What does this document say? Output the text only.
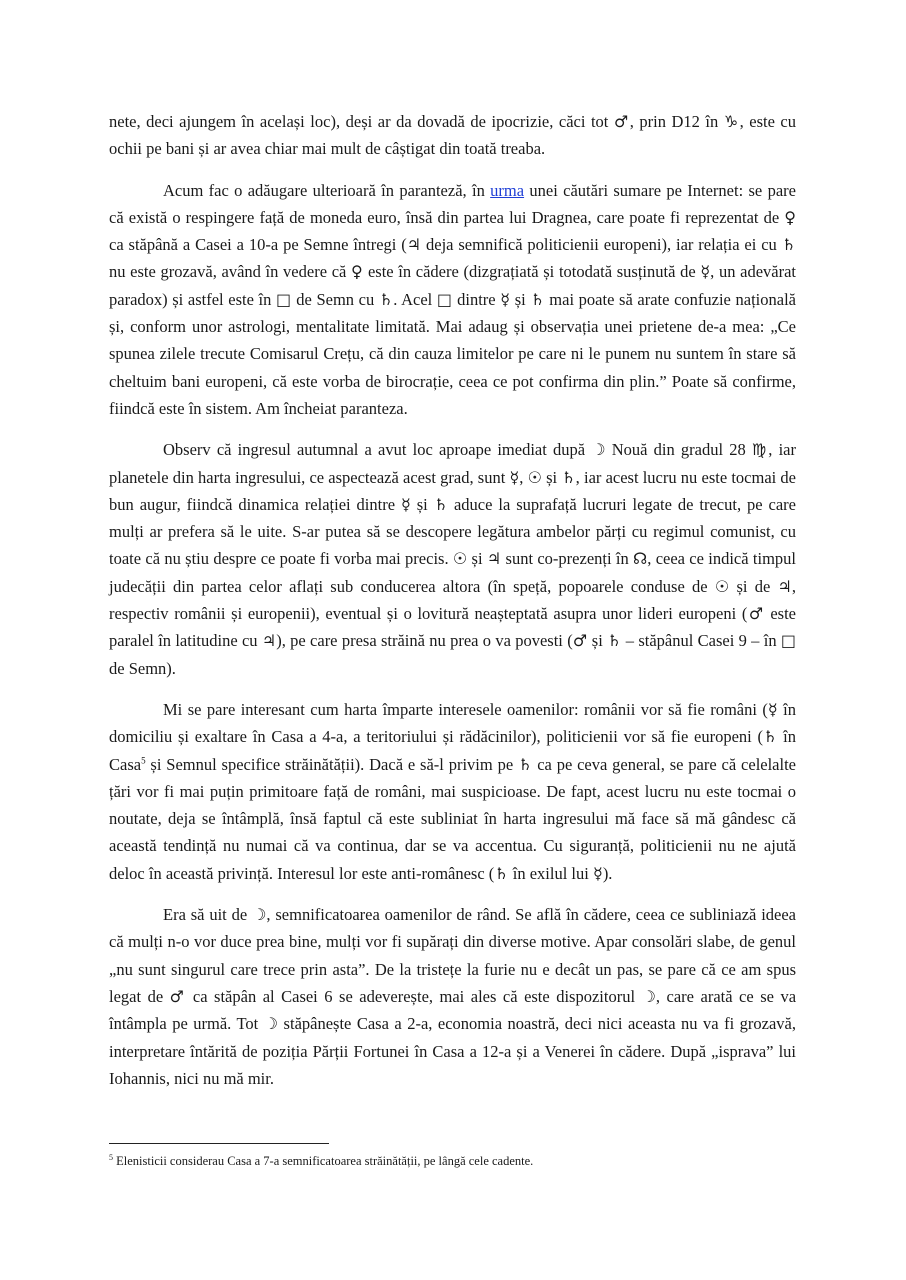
nete, deci ajungem în același loc), deși ar da dovadă de ipocrizie, căci tot ♂, prin D12 în ♑, este cu ochii pe bani și ar avea chiar mai mult de câștigat din toată treaba.

Acum fac o adăugare ulterioară în paranteză, în urma unei căutări sumare pe Internet: se pare că există o respingere față de moneda euro, însă din partea lui Dragnea, care poate fi reprezentat de ♀ ca stăpână a Casei a 10-a pe Semne întregi (♃ deja semnifică politicienii europeni), iar relația ei cu ♄ nu este grozavă, având în vedere că ♀ este în cădere (dizgrațiată și totodată susținută de ☿, un adevărat paradox) și astfel este în □ de Semn cu ♄. Acel □ dintre ☿ și ♄ mai poate să arate confuzie națională și, conform unor astrologi, mentalitate limitată. Mai adaug și observația unei prietene de-a mea: „Ce spunea zilele trecute Comisarul Crețu, că din cauza limitelor pe care ni le punem nu suntem în stare să cheltuim bani europeni, că este vorba de birocrație, ceea ce pot confirma din plin.” Poate să confirme, fiindcă este în sistem. Am încheiat paranteza.

Observ că ingresul autumnal a avut loc aproape imediat după ☽ Nouă din gradul 28 ♍, iar planetele din harta ingresului, ce aspectează acest grad, sunt ☿, ☉ și ♄, iar acest lucru nu este tocmai de bun augur, fiindcă dinamica relației dintre ☿ și ♄ aduce la suprafață lucruri legate de trecut, pe care mulți ar prefera să le uite. S-ar putea să se descopere legătura ambelor părți cu regimul comunist, cu toate că nu știu despre ce poate fi vorba mai precis. ☉ și ♃ sunt co-prezenți în ☊, ceea ce indică timpul judecății din partea celor aflați sub conducerea altora (în speță, popoarele conduse de ☉ și de ♃, respectiv românii și europenii), eventual și o lovitură neașteptată asupra unor lideri europeni (♂ este paralel în latitudine cu ♃), pe care presa străină nu prea o va povesti (♂ și ♄ – stăpânul Casei 9 – în □ de Semn).

Mi se pare interesant cum harta împarte interesele oamenilor: românii vor să fie români (☿ în domiciliu și exaltare în Casa a 4-a, a teritoriului și rădăcinilor), politicienii vor să fie europeni (♄ în Casa$^5$ și Semnul specifice străinătății). Dacă e să-l privim pe ♄ ca pe ceva general, se pare că celelalte țări vor fi mai puțin primitoare față de români, mai suspicioase. De fapt, acest lucru nu este tocmai o noutate, deja se întâmplă, însă faptul că este subliniat în harta ingresului mă face să mă gândesc că această tendință nu numai că va continua, dar se va accentua. Cu siguranță, politicienii nu ne ajută deloc în această privință. Interesul lor este anti-românesc (♄ în exilul lui ☿).

Era să uit de ☽, semnificatoarea oamenilor de rând. Se află în cădere, ceea ce subliniază ideea că mulți n-o vor duce prea bine, mulți vor fi supărați din diverse motive. Apar consolări slabe, de genul „nu sunt singurul care trece prin asta”. De la tristețe la furie nu e decât un pas, se pare că ce am spus legat de ♂ ca stăpân al Casei 6 se adeverește, mai ales că este dispozitorul ☽, care arată ce se va întâmpla pe urmă. Tot ☽ stăpânește Casa a 2-a, economia noastră, deci nici aceasta nu va fi grozavă, interpretare întărită de poziția Părții Fortunei în Casa a 12-a și a Venerei în cădere. După „isprava” lui Iohannis, nici nu mă mir.

$^5$ Elenisticii considerau Casa a 7-a semnificatoarea străinătății, pe lângă cele cadente.
